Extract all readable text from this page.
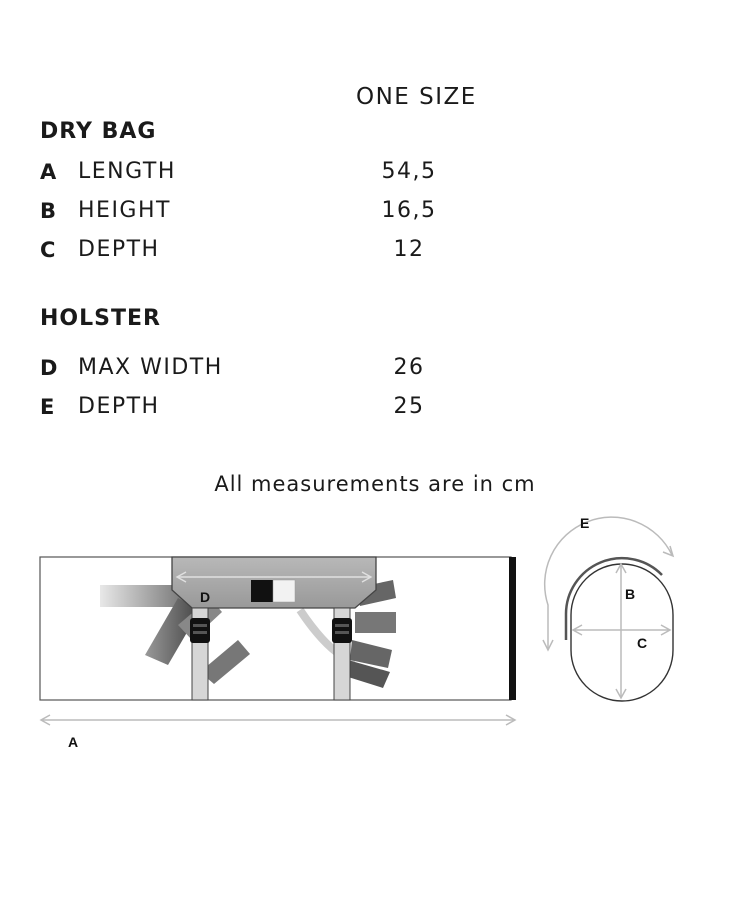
ONE SIZE
DRY BAG
A LENGTH	54,5
B HEIGHT	16,5
C DEPTH	12
HOLSTER
D MAX WIDTH	26
E DEPTH	25
All measurements are in cm
D
A
B
C
E
